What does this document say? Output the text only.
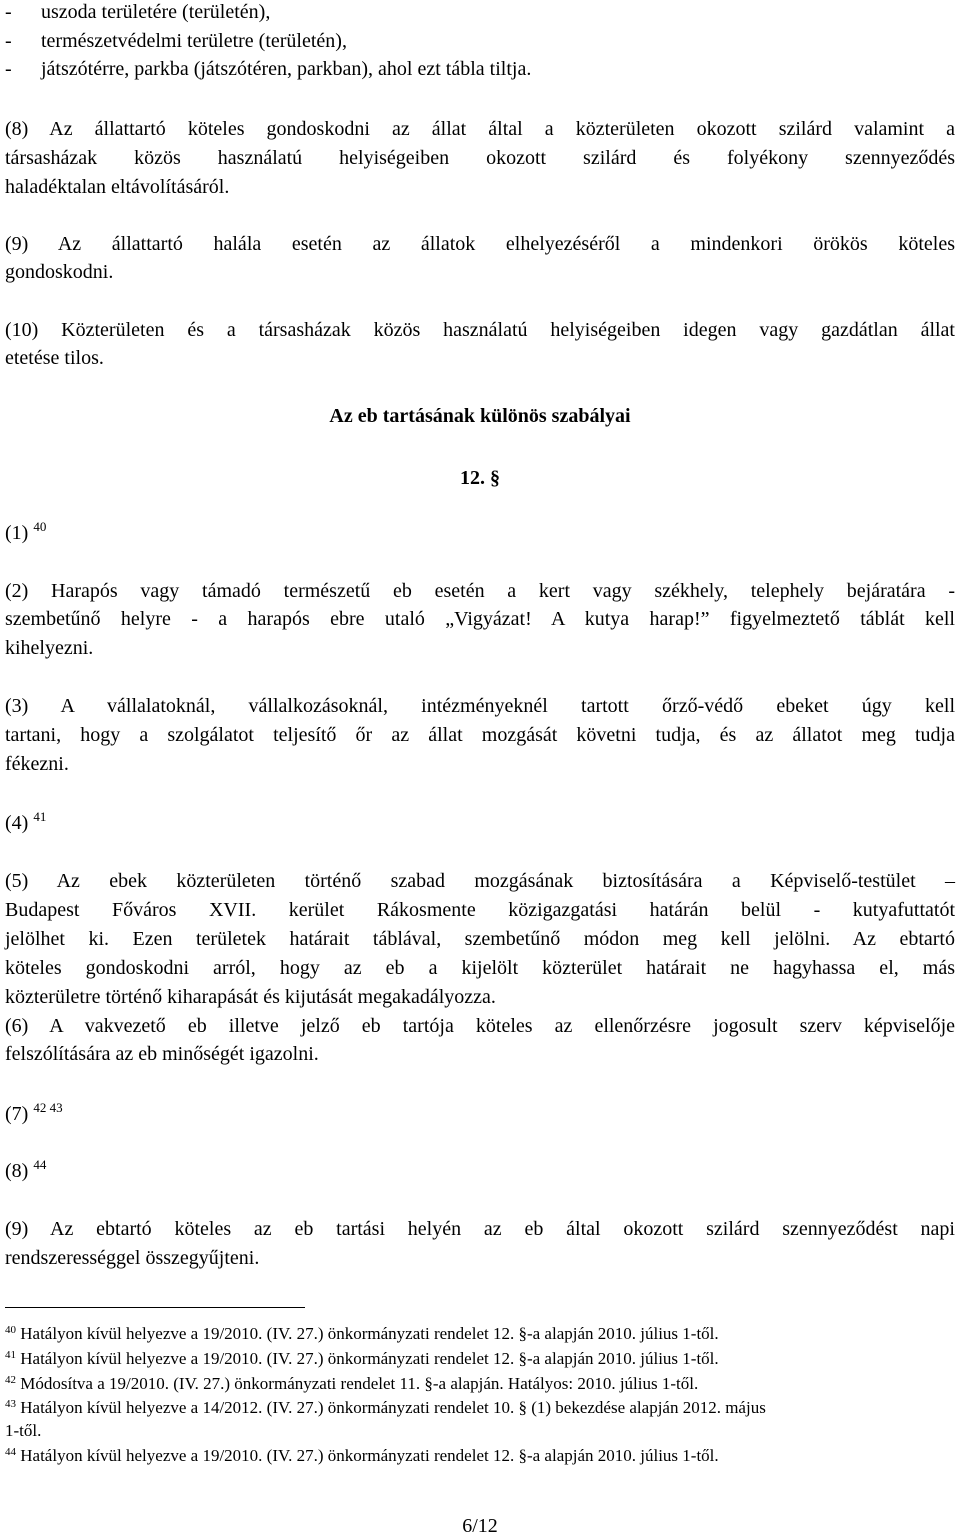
- uszoda területére (területén),
- természetvédelmi területre (területén),
- játszótérre, parkba (játszótéren, parkban), ahol ezt tábla tiltja.
(8) Az állattartó köteles gondoskodni az állat által a közterületen okozott szilárd valamint a
társasházak közös használatú helyiségeiben okozott szilárd és folyékony szennyeződés
haladéktalan eltávolításáról.
(9) Az állattartó halála esetén az állatok elhelyezéséről a mindenkori örökös köteles
gondoskodni.
(10) Közterületen és a társasházak közös használatú helyiségeiben idegen vagy gazdátlan állat
etetése tilos.
Az eb tartásának különös szabályai
12. §
(1) $^{40}$
(2) Harapós vagy támadó természetű eb esetén a kert vagy székhely, telephely bejáratára -
szembetűnő helyre - a harapós ebre utaló „Vigyázat! A kutya harap!” figyelmeztető táblát kell
kihelyezni.
(3) A vállalatoknál, vállalkozásoknál, intézményeknél tartott őrző-védő ebeket úgy kell
tartani, hogy a szolgálatot teljesítő őr az állat mozgását követni tudja, és az állatot meg tudja
fékezni.
(4) $^{41}$
(5) Az ebek közterületen történő szabad mozgásának biztosítására a Képviselő-testület –
Budapest Főváros XVII. kerület Rákosmente közigazgatási határán belül - kutyafuttatót
jelölhet ki. Ezen területek határait táblával, szembetűnő módon meg kell jelölni. Az ebtartó
köteles gondoskodni arról, hogy az eb a kijelölt közterület határait ne hagyhassa el, más
közterületre történő kiharapását és kijutását megakadályozza.
(6) A vakvezető eb illetve jelző eb tartója köteles az ellenőrzésre jogosult szerv képviselője
felszólítására az eb minőségét igazolni.
(7) $^{42 43}$
(8) $^{44}$
(9) Az ebtartó köteles az eb tartási helyén az eb által okozott szilárd szennyeződést napi
rendszerességgel összegyűjteni.
$^{40}$ Hatályon kívül helyezve a 19/2010. (IV. 27.) önkormányzati rendelet 12. §-a alapján 2010. július 1-től.
$^{41}$ Hatályon kívül helyezve a 19/2010. (IV. 27.) önkormányzati rendelet 12. §-a alapján 2010. július 1-től.
$^{42}$ Módosítva a 19/2010. (IV. 27.) önkormányzati rendelet 11. §-a alapján. Hatályos: 2010. július 1-től.
$^{43}$ Hatályon kívül helyezve a 14/2012. (IV. 27.) önkormányzati rendelet 10. § (1) bekezdése alapján 2012. május
1-től.
$^{44}$ Hatályon kívül helyezve a 19/2010. (IV. 27.) önkormányzati rendelet 12. §-a alapján 2010. július 1-től.
6/12
